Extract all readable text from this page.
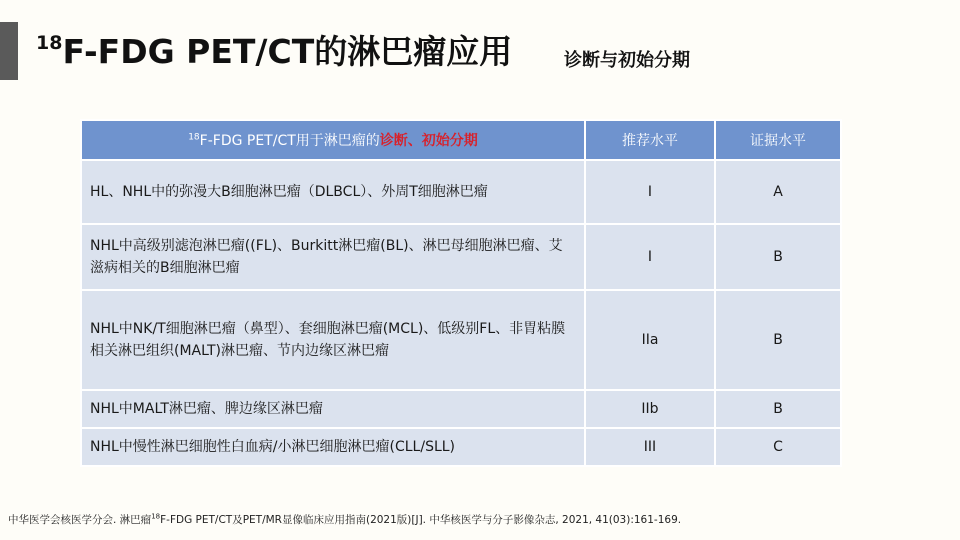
$^{18}$F-FDG PET/CT的淋巴瘤应用	诊断与初始分期
$^{18}$F-FDG PET/CT用于淋巴瘤的诊断、初始分期	推荐水平	证据水平
HL、NHL中的弥漫大B细胞淋巴瘤（DLBCL）、外周T细胞淋巴瘤	I	A
NHL中高级别滤泡淋巴瘤((FL)、Burkitt淋巴瘤(BL)、淋巴母细胞淋巴瘤、艾滋病相关的B细胞淋巴瘤	I	B
NHL中NK/T细胞淋巴瘤（鼻型）、套细胞淋巴瘤(MCL)、低级别FL、非胃粘膜相关淋巴组织(MALT)淋巴瘤、节内边缘区淋巴瘤	IIa	B
NHL中MALT淋巴瘤、脾边缘区淋巴瘤	IIb	B
NHL中慢性淋巴细胞性白血病/小淋巴细胞淋巴瘤(CLL/SLL)	III	C
中华医学会核医学分会. 淋巴瘤$^{18}$F-FDG PET/CT及PET/MR显像临床应用指南(2021版)[J]. 中华核医学与分子影像杂志, 2021, 41(03):161-169.
